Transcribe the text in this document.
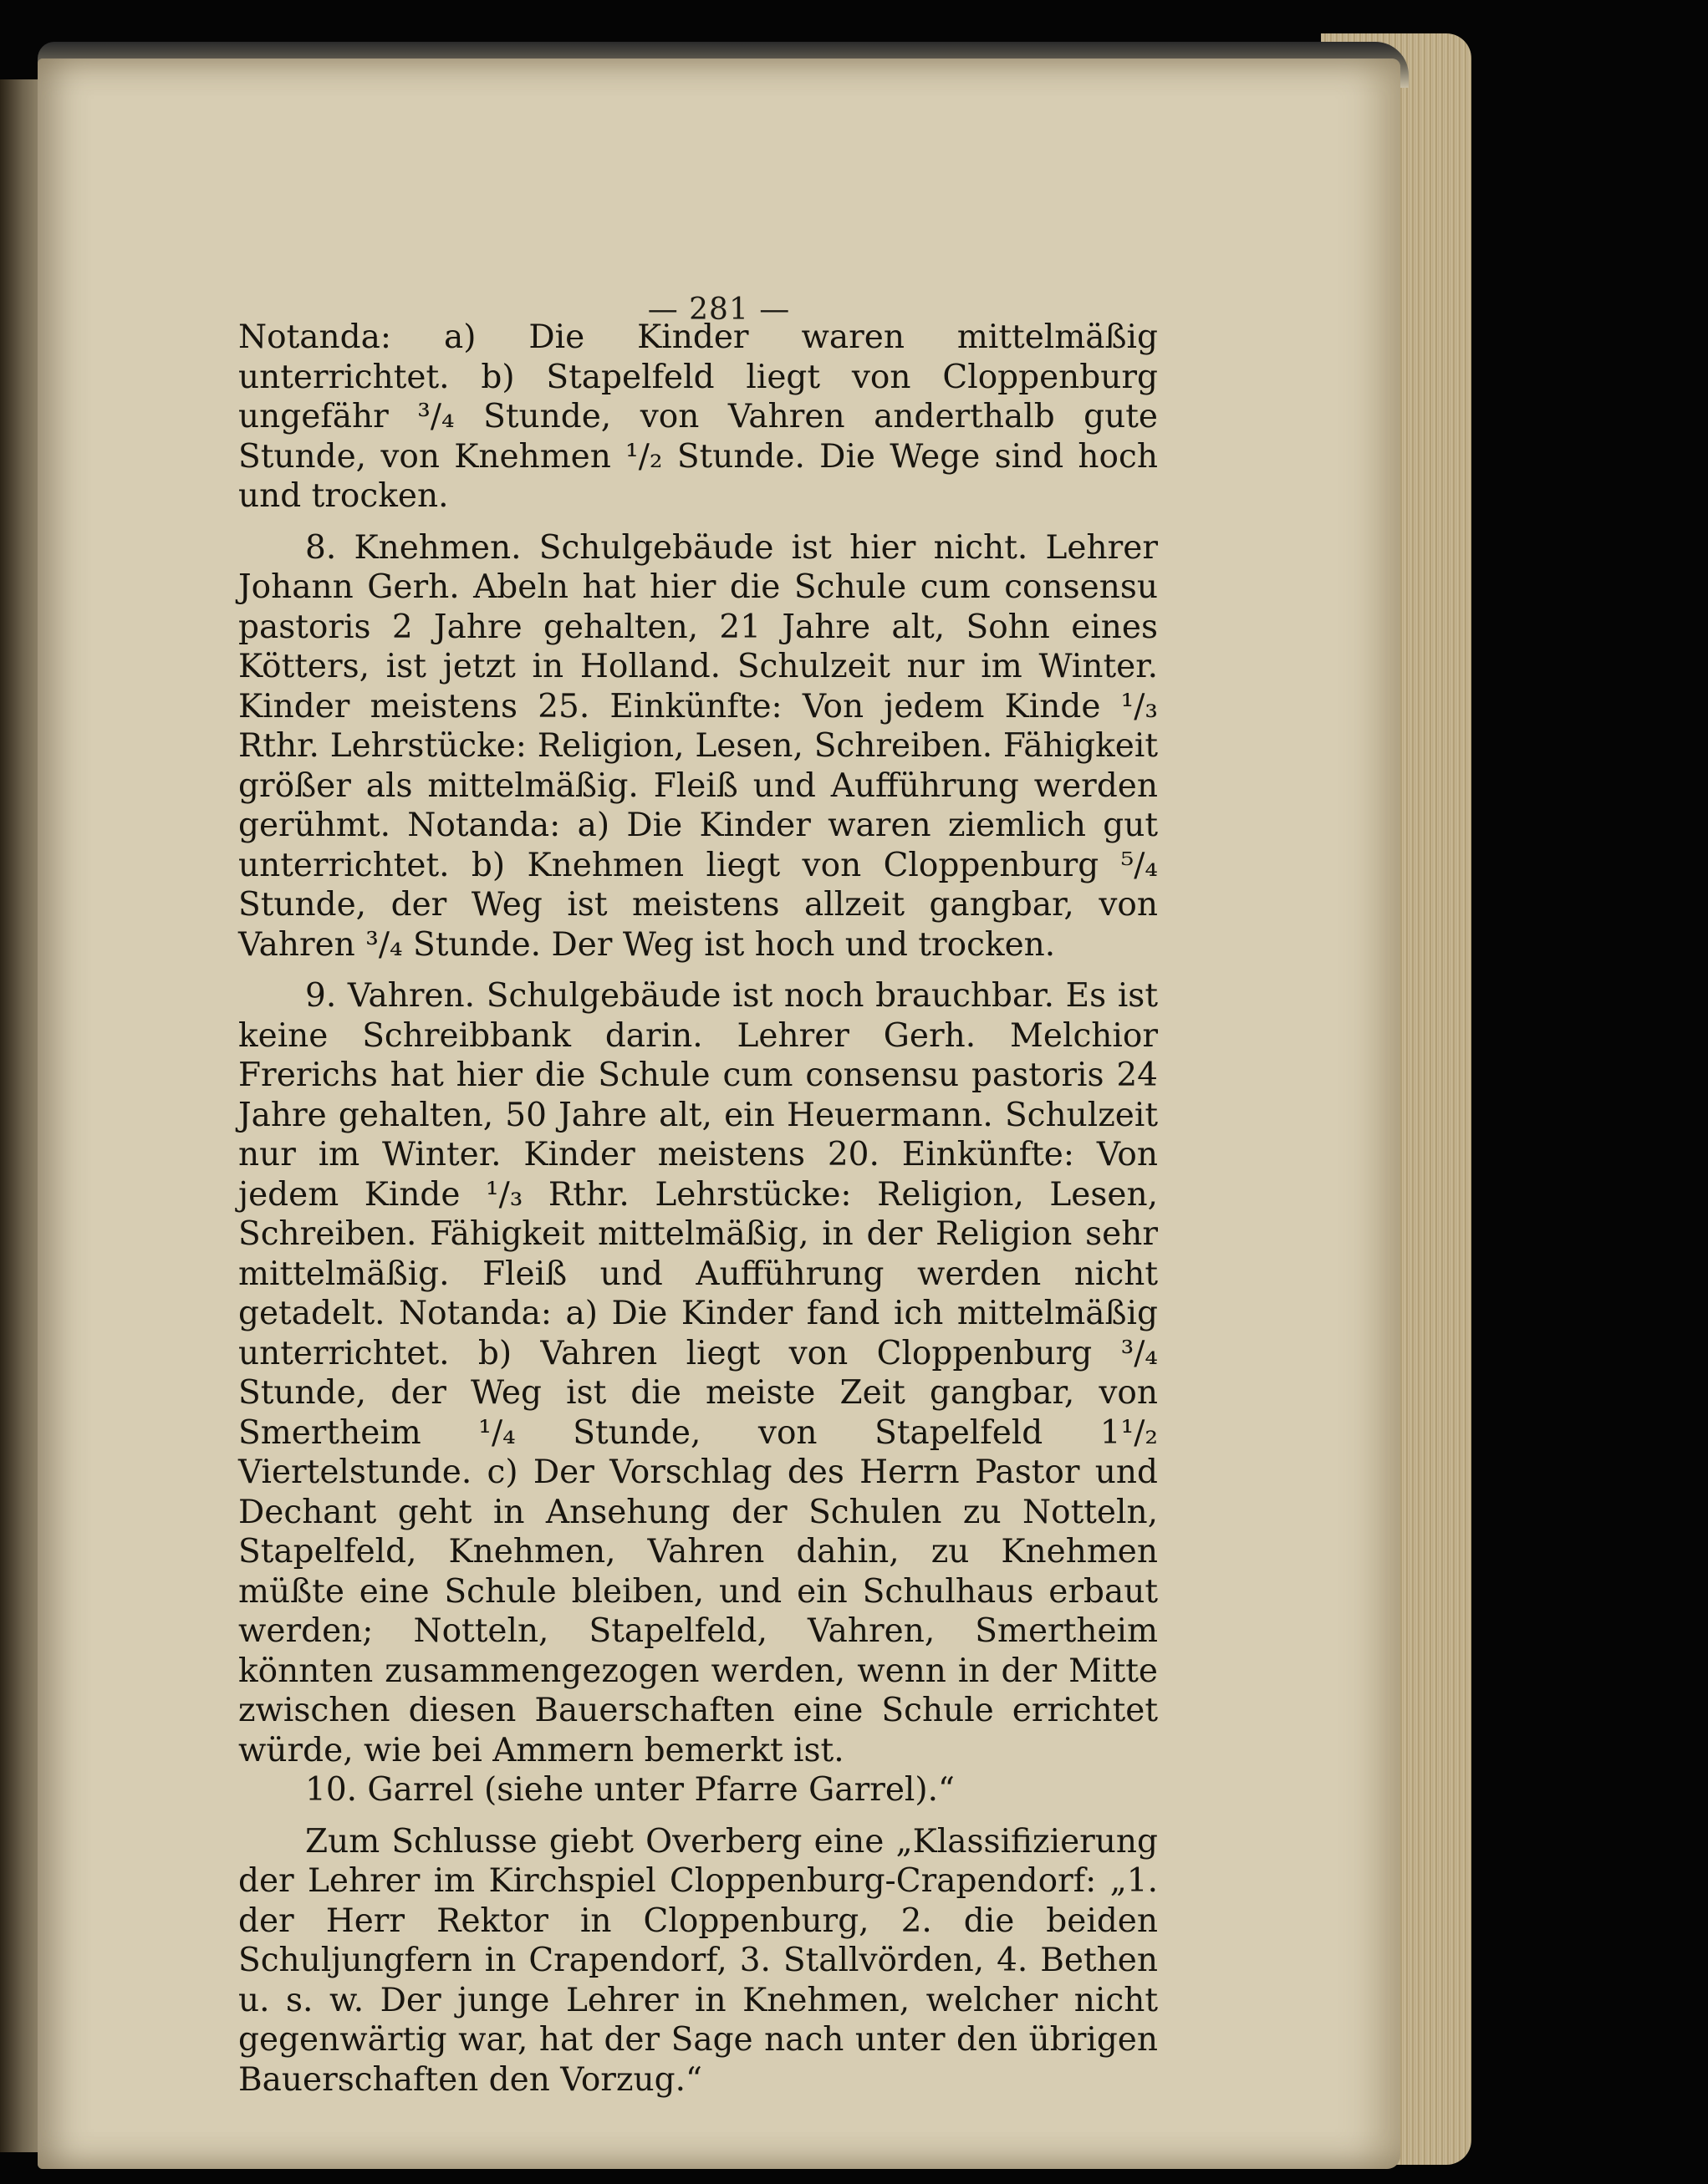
— 281 —

Notanda: a) Die Kinder waren mittelmäßig unterrichtet. b) Stapelfeld liegt von Cloppenburg ungefähr ³/₄ Stunde, von Vahren anderthalb gute Stunde, von Knehmen ¹/₂ Stunde. Die Wege sind hoch und trocken.

8. Knehmen. Schulgebäude ist hier nicht. Lehrer Johann Gerh. Abeln hat hier die Schule cum consensu pastoris 2 Jahre gehalten, 21 Jahre alt, Sohn eines Kötters, ist jetzt in Holland. Schulzeit nur im Winter. Kinder meistens 25. Einkünfte: Von jedem Kinde ¹/₃ Rthr. Lehrstücke: Religion, Lesen, Schreiben. Fähigkeit größer als mittelmäßig. Fleiß und Aufführung werden gerühmt. Notanda: a) Die Kinder waren ziemlich gut unterrichtet. b) Knehmen liegt von Cloppenburg ⁵/₄ Stunde, der Weg ist meistens allzeit gangbar, von Vahren ³/₄ Stunde. Der Weg ist hoch und trocken.

9. Vahren. Schulgebäude ist noch brauchbar. Es ist keine Schreibbank darin. Lehrer Gerh. Melchior Frerichs hat hier die Schule cum consensu pastoris 24 Jahre gehalten, 50 Jahre alt, ein Heuermann. Schulzeit nur im Winter. Kinder meistens 20. Einkünfte: Von jedem Kinde ¹/₃ Rthr. Lehrstücke: Religion, Lesen, Schreiben. Fähigkeit mittelmäßig, in der Religion sehr mittelmäßig. Fleiß und Aufführung werden nicht getadelt. Notanda: a) Die Kinder fand ich mittelmäßig unterrichtet. b) Vahren liegt von Cloppenburg ³/₄ Stunde, der Weg ist die meiste Zeit gangbar, von Smertheim ¹/₄ Stunde, von Stapelfeld 1¹/₂ Viertelstunde. c) Der Vorschlag des Herrn Pastor und Dechant geht in Ansehung der Schulen zu Notteln, Stapelfeld, Knehmen, Vahren dahin, zu Knehmen müßte eine Schule bleiben, und ein Schulhaus erbaut werden; Notteln, Stapelfeld, Vahren, Smertheim könnten zusammengezogen werden, wenn in der Mitte zwischen diesen Bauerschaften eine Schule errichtet würde, wie bei Ammern bemerkt ist.

10. Garrel (siehe unter Pfarre Garrel).“

Zum Schlusse giebt Overberg eine „Klassifizierung der Lehrer im Kirchspiel Cloppenburg-Crapendorf: „1. der Herr Rektor in Cloppenburg, 2. die beiden Schuljungfern in Crapendorf, 3. Stallvörden, 4. Bethen u. s. w. Der junge Lehrer in Knehmen, welcher nicht gegenwärtig war, hat der Sage nach unter den übrigen Bauerschaften den Vorzug.“
